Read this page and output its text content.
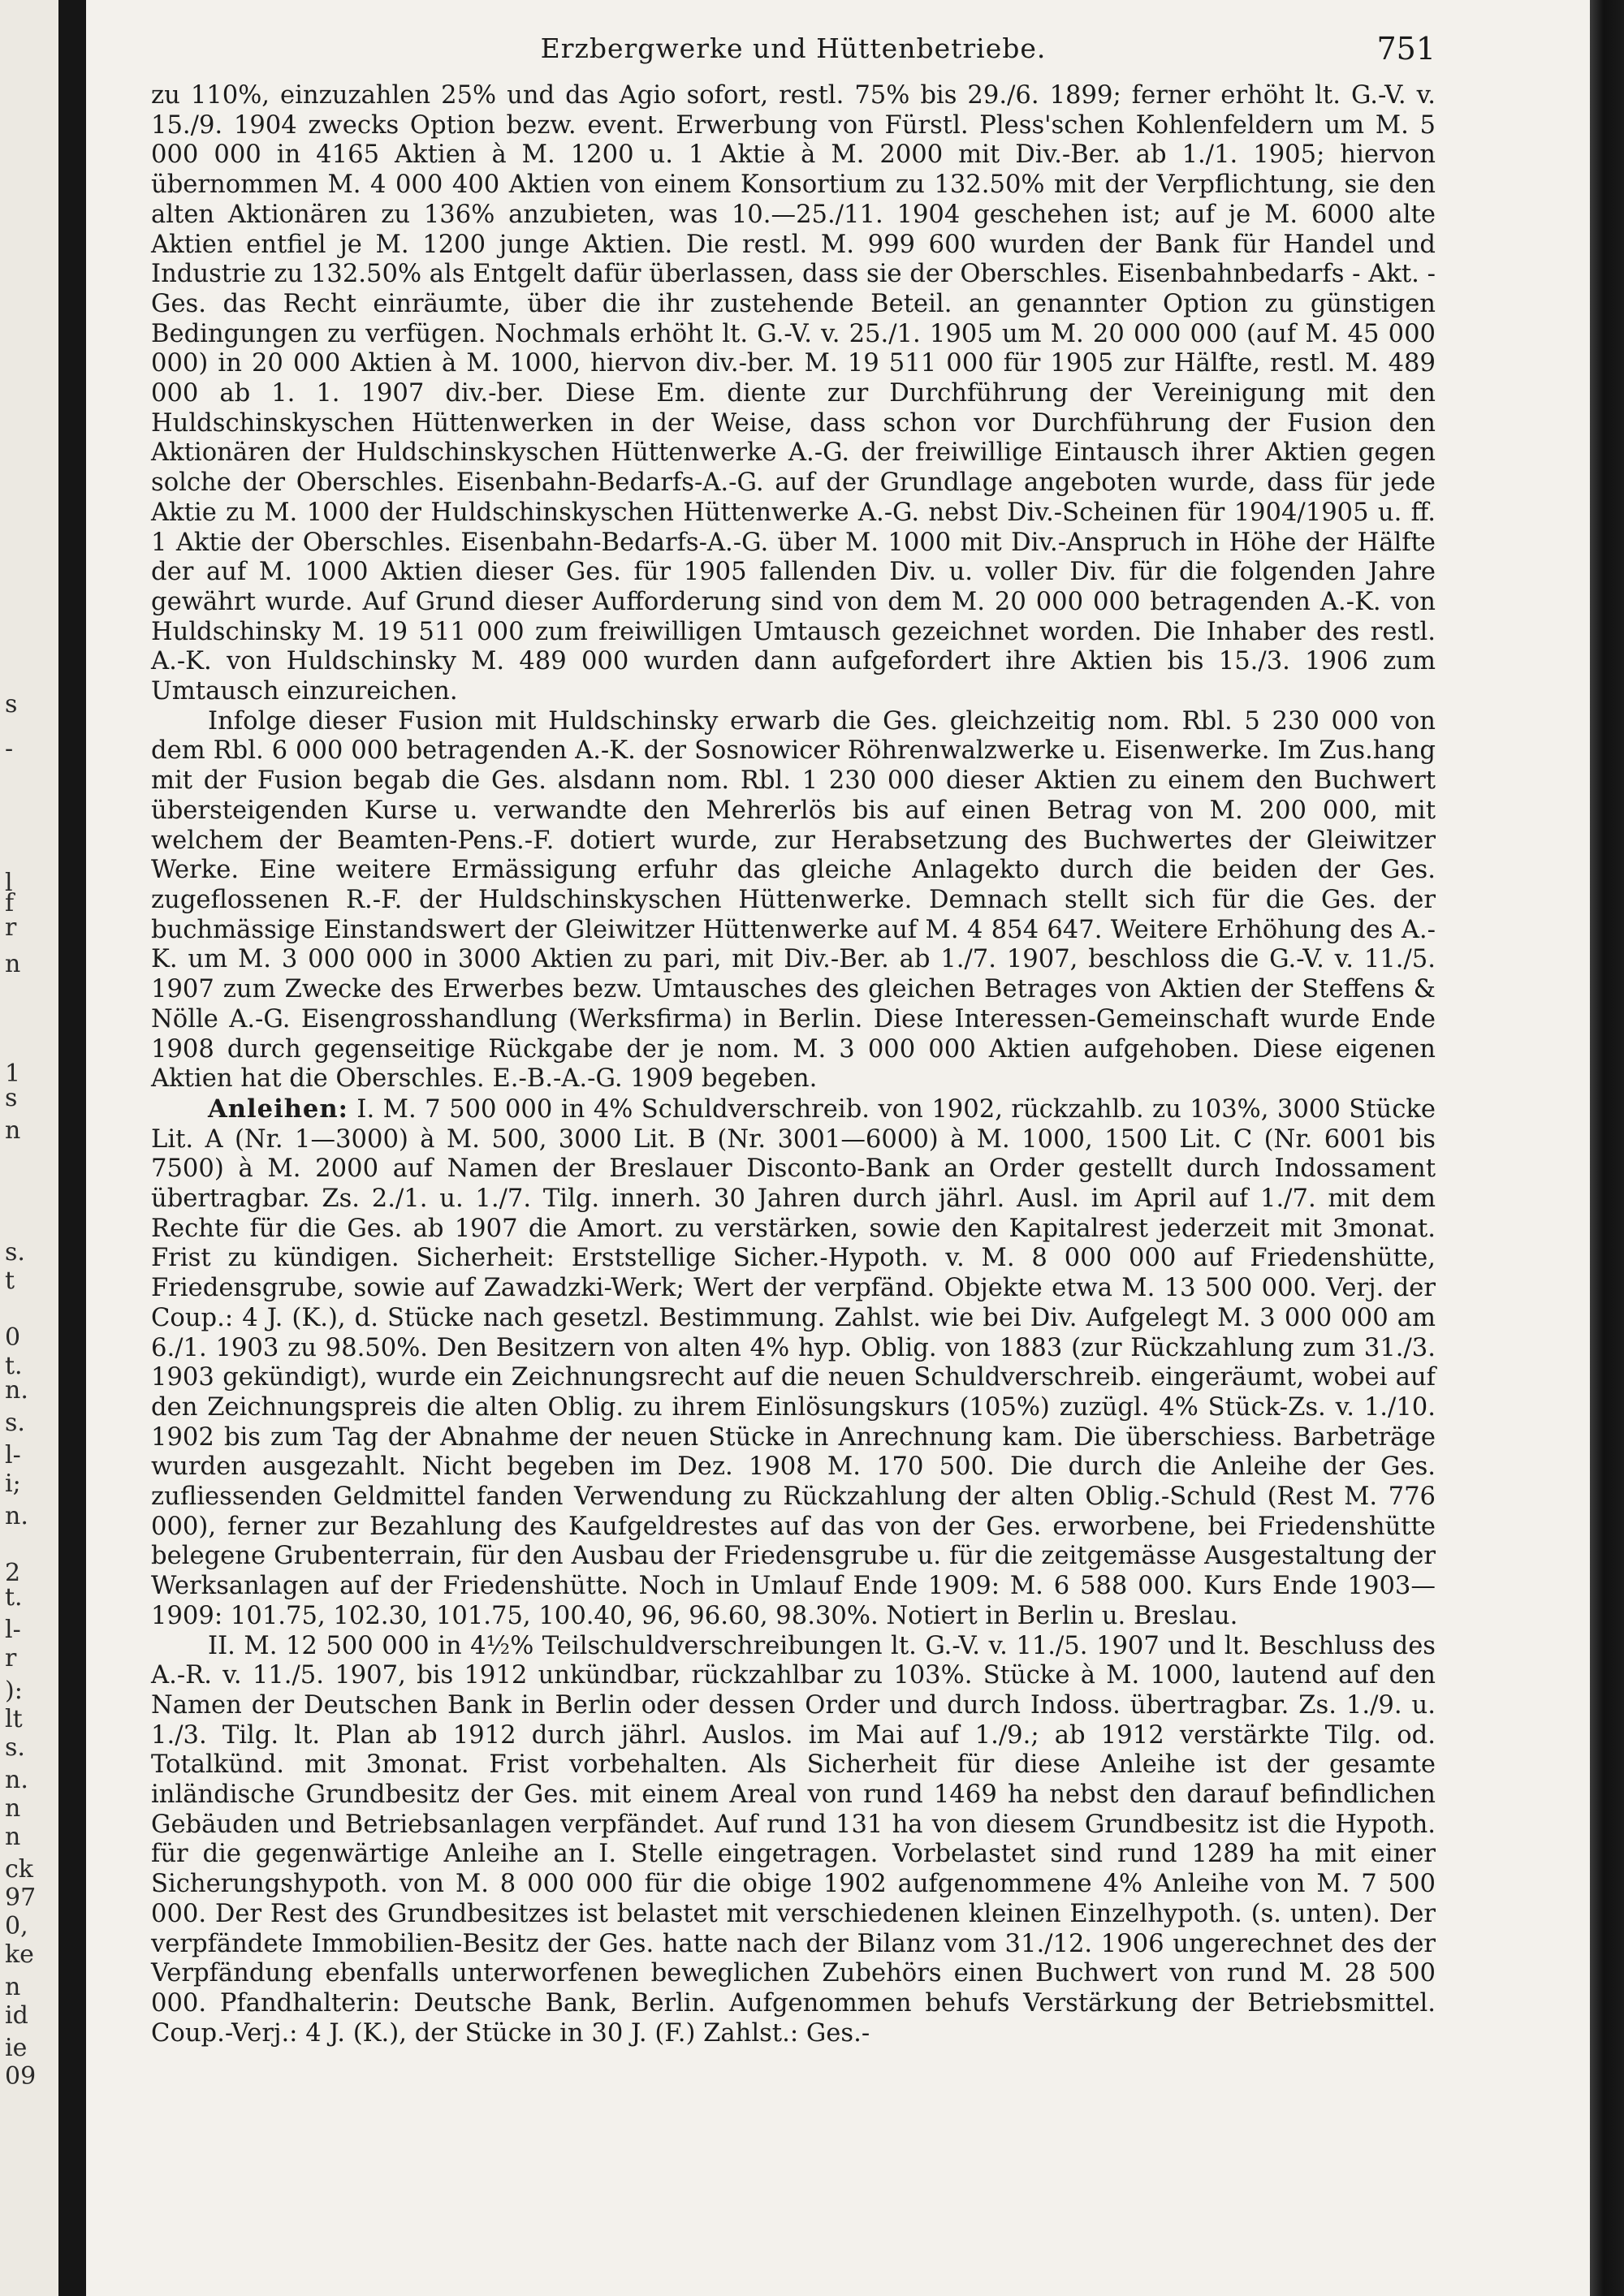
s
-
l
f
r
n
1
s
n
s.
t
0
t.
n.
s.
l-
i;
n.
2
t.
l-
r
):
lt
s.
n.
n
n
ck
97
0,
ke
n
id
ie
09
Erzbergwerke und Hüttenbetriebe.	751

zu 110%, einzuzahlen 25% und das Agio sofort, restl. 75% bis 29./6. 1899; ferner erhöht lt. G.-V. v. 15./9. 1904 zwecks Option bezw. event. Erwerbung von Fürstl. Pless'schen Kohlenfeldern um M. 5 000 000 in 4165 Aktien à M. 1200 u. 1 Aktie à M. 2000 mit Div.-Ber. ab 1./1. 1905; hiervon übernommen M. 4 000 400 Aktien von einem Konsortium zu 132.50% mit der Verpflichtung, sie den alten Aktionären zu 136% anzubieten, was 10.—25./11. 1904 geschehen ist; auf je M. 6000 alte Aktien entfiel je M. 1200 junge Aktien. Die restl. M. 999 600 wurden der Bank für Handel und Industrie zu 132.50% als Entgelt dafür überlassen, dass sie der Oberschles. Eisenbahnbedarfs - Akt. - Ges. das Recht einräumte, über die ihr zustehende Beteil. an genannter Option zu günstigen Bedingungen zu verfügen. Nochmals erhöht lt. G.-V. v. 25./1. 1905 um M. 20 000 000 (auf M. 45 000 000) in 20 000 Aktien à M. 1000, hiervon div.-ber. M. 19 511 000 für 1905 zur Hälfte, restl. M. 489 000 ab 1. 1. 1907 div.-ber. Diese Em. diente zur Durchführung der Vereinigung mit den Huldschinskyschen Hüttenwerken in der Weise, dass schon vor Durchführung der Fusion den Aktionären der Huldschinskyschen Hüttenwerke A.-G. der freiwillige Eintausch ihrer Aktien gegen solche der Oberschles. Eisenbahn-Bedarfs-A.-G. auf der Grundlage angeboten wurde, dass für jede Aktie zu M. 1000 der Huldschinskyschen Hüttenwerke A.-G. nebst Div.-Scheinen für 1904/1905 u. ff. 1 Aktie der Oberschles. Eisenbahn-Bedarfs-A.-G. über M. 1000 mit Div.-Anspruch in Höhe der Hälfte der auf M. 1000 Aktien dieser Ges. für 1905 fallenden Div. u. voller Div. für die folgenden Jahre gewährt wurde. Auf Grund dieser Aufforderung sind von dem M. 20 000 000 betragenden A.-K. von Huldschinsky M. 19 511 000 zum freiwilligen Umtausch gezeichnet worden. Die Inhaber des restl. A.-K. von Huldschinsky M. 489 000 wurden dann aufgefordert ihre Aktien bis 15./3. 1906 zum Umtausch einzureichen.

Infolge dieser Fusion mit Huldschinsky erwarb die Ges. gleichzeitig nom. Rbl. 5 230 000 von dem Rbl. 6 000 000 betragenden A.-K. der Sosnowicer Röhrenwalzwerke u. Eisenwerke. Im Zus.hang mit der Fusion begab die Ges. alsdann nom. Rbl. 1 230 000 dieser Aktien zu einem den Buchwert übersteigenden Kurse u. verwandte den Mehrerlös bis auf einen Betrag von M. 200 000, mit welchem der Beamten-Pens.-F. dotiert wurde, zur Herabsetzung des Buchwertes der Gleiwitzer Werke. Eine weitere Ermässigung erfuhr das gleiche Anlagekto durch die beiden der Ges. zugeflossenen R.-F. der Huldschinskyschen Hüttenwerke. Demnach stellt sich für die Ges. der buchmässige Einstandswert der Gleiwitzer Hüttenwerke auf M. 4 854 647. Weitere Erhöhung des A.-K. um M. 3 000 000 in 3000 Aktien zu pari, mit Div.-Ber. ab 1./7. 1907, beschloss die G.-V. v. 11./5. 1907 zum Zwecke des Erwerbes bezw. Umtausches des gleichen Betrages von Aktien der Steffens & Nölle A.-G. Eisengrosshandlung (Werksfirma) in Berlin. Diese Interessen-Gemeinschaft wurde Ende 1908 durch gegenseitige Rückgabe der je nom. M. 3 000 000 Aktien aufgehoben. Diese eigenen Aktien hat die Oberschles. E.-B.-A.-G. 1909 begeben.

Anleihen: I. M. 7 500 000 in 4% Schuldverschreib. von 1902, rückzahlb. zu 103%, 3000 Stücke Lit. A (Nr. 1—3000) à M. 500, 3000 Lit. B (Nr. 3001—6000) à M. 1000, 1500 Lit. C (Nr. 6001 bis 7500) à M. 2000 auf Namen der Breslauer Disconto-Bank an Order gestellt durch Indossament übertragbar. Zs. 2./1. u. 1./7. Tilg. innerh. 30 Jahren durch jährl. Ausl. im April auf 1./7. mit dem Rechte für die Ges. ab 1907 die Amort. zu verstärken, sowie den Kapitalrest jederzeit mit 3monat. Frist zu kündigen. Sicherheit: Erststellige Sicher.-Hypoth. v. M. 8 000 000 auf Friedenshütte, Friedensgrube, sowie auf Zawadzki-Werk; Wert der verpfänd. Objekte etwa M. 13 500 000. Verj. der Coup.: 4 J. (K.), d. Stücke nach gesetzl. Bestimmung. Zahlst. wie bei Div. Aufgelegt M. 3 000 000 am 6./1. 1903 zu 98.50%. Den Besitzern von alten 4% hyp. Oblig. von 1883 (zur Rückzahlung zum 31./3. 1903 gekündigt), wurde ein Zeichnungsrecht auf die neuen Schuldverschreib. eingeräumt, wobei auf den Zeichnungspreis die alten Oblig. zu ihrem Einlösungskurs (105%) zuzügl. 4% Stück-Zs. v. 1./10. 1902 bis zum Tag der Abnahme der neuen Stücke in Anrechnung kam. Die überschiess. Barbeträge wurden ausgezahlt. Nicht begeben im Dez. 1908 M. 170 500. Die durch die Anleihe der Ges. zufliessenden Geldmittel fanden Verwendung zu Rückzahlung der alten Oblig.-Schuld (Rest M. 776 000), ferner zur Bezahlung des Kaufgeldrestes auf das von der Ges. erworbene, bei Friedenshütte belegene Grubenterrain, für den Ausbau der Friedensgrube u. für die zeitgemässe Ausgestaltung der Werksanlagen auf der Friedenshütte. Noch in Umlauf Ende 1909: M. 6 588 000. Kurs Ende 1903—1909: 101.75, 102.30, 101.75, 100.40, 96, 96.60, 98.30%. Notiert in Berlin u. Breslau.

II. M. 12 500 000 in 4½% Teilschuldverschreibungen lt. G.-V. v. 11./5. 1907 und lt. Beschluss des A.-R. v. 11./5. 1907, bis 1912 unkündbar, rückzahlbar zu 103%. Stücke à M. 1000, lautend auf den Namen der Deutschen Bank in Berlin oder dessen Order und durch Indoss. übertragbar. Zs. 1./9. u. 1./3. Tilg. lt. Plan ab 1912 durch jährl. Auslos. im Mai auf 1./9.; ab 1912 verstärkte Tilg. od. Totalkünd. mit 3monat. Frist vorbehalten. Als Sicherheit für diese Anleihe ist der gesamte inländische Grundbesitz der Ges. mit einem Areal von rund 1469 ha nebst den darauf befindlichen Gebäuden und Betriebsanlagen verpfändet. Auf rund 131 ha von diesem Grundbesitz ist die Hypoth. für die gegenwärtige Anleihe an I. Stelle eingetragen. Vorbelastet sind rund 1289 ha mit einer Sicherungshypoth. von M. 8 000 000 für die obige 1902 aufgenommene 4% Anleihe von M. 7 500 000. Der Rest des Grundbesitzes ist belastet mit verschiedenen kleinen Einzelhypoth. (s. unten). Der verpfändete Immobilien-Besitz der Ges. hatte nach der Bilanz vom 31./12. 1906 ungerechnet des der Verpfändung ebenfalls unterworfenen beweglichen Zubehörs einen Buchwert von rund M. 28 500 000. Pfandhalterin: Deutsche Bank, Berlin. Aufgenommen behufs Verstärkung der Betriebsmittel. Coup.-Verj.: 4 J. (K.), der Stücke in 30 J. (F.) Zahlst.: Ges.-
